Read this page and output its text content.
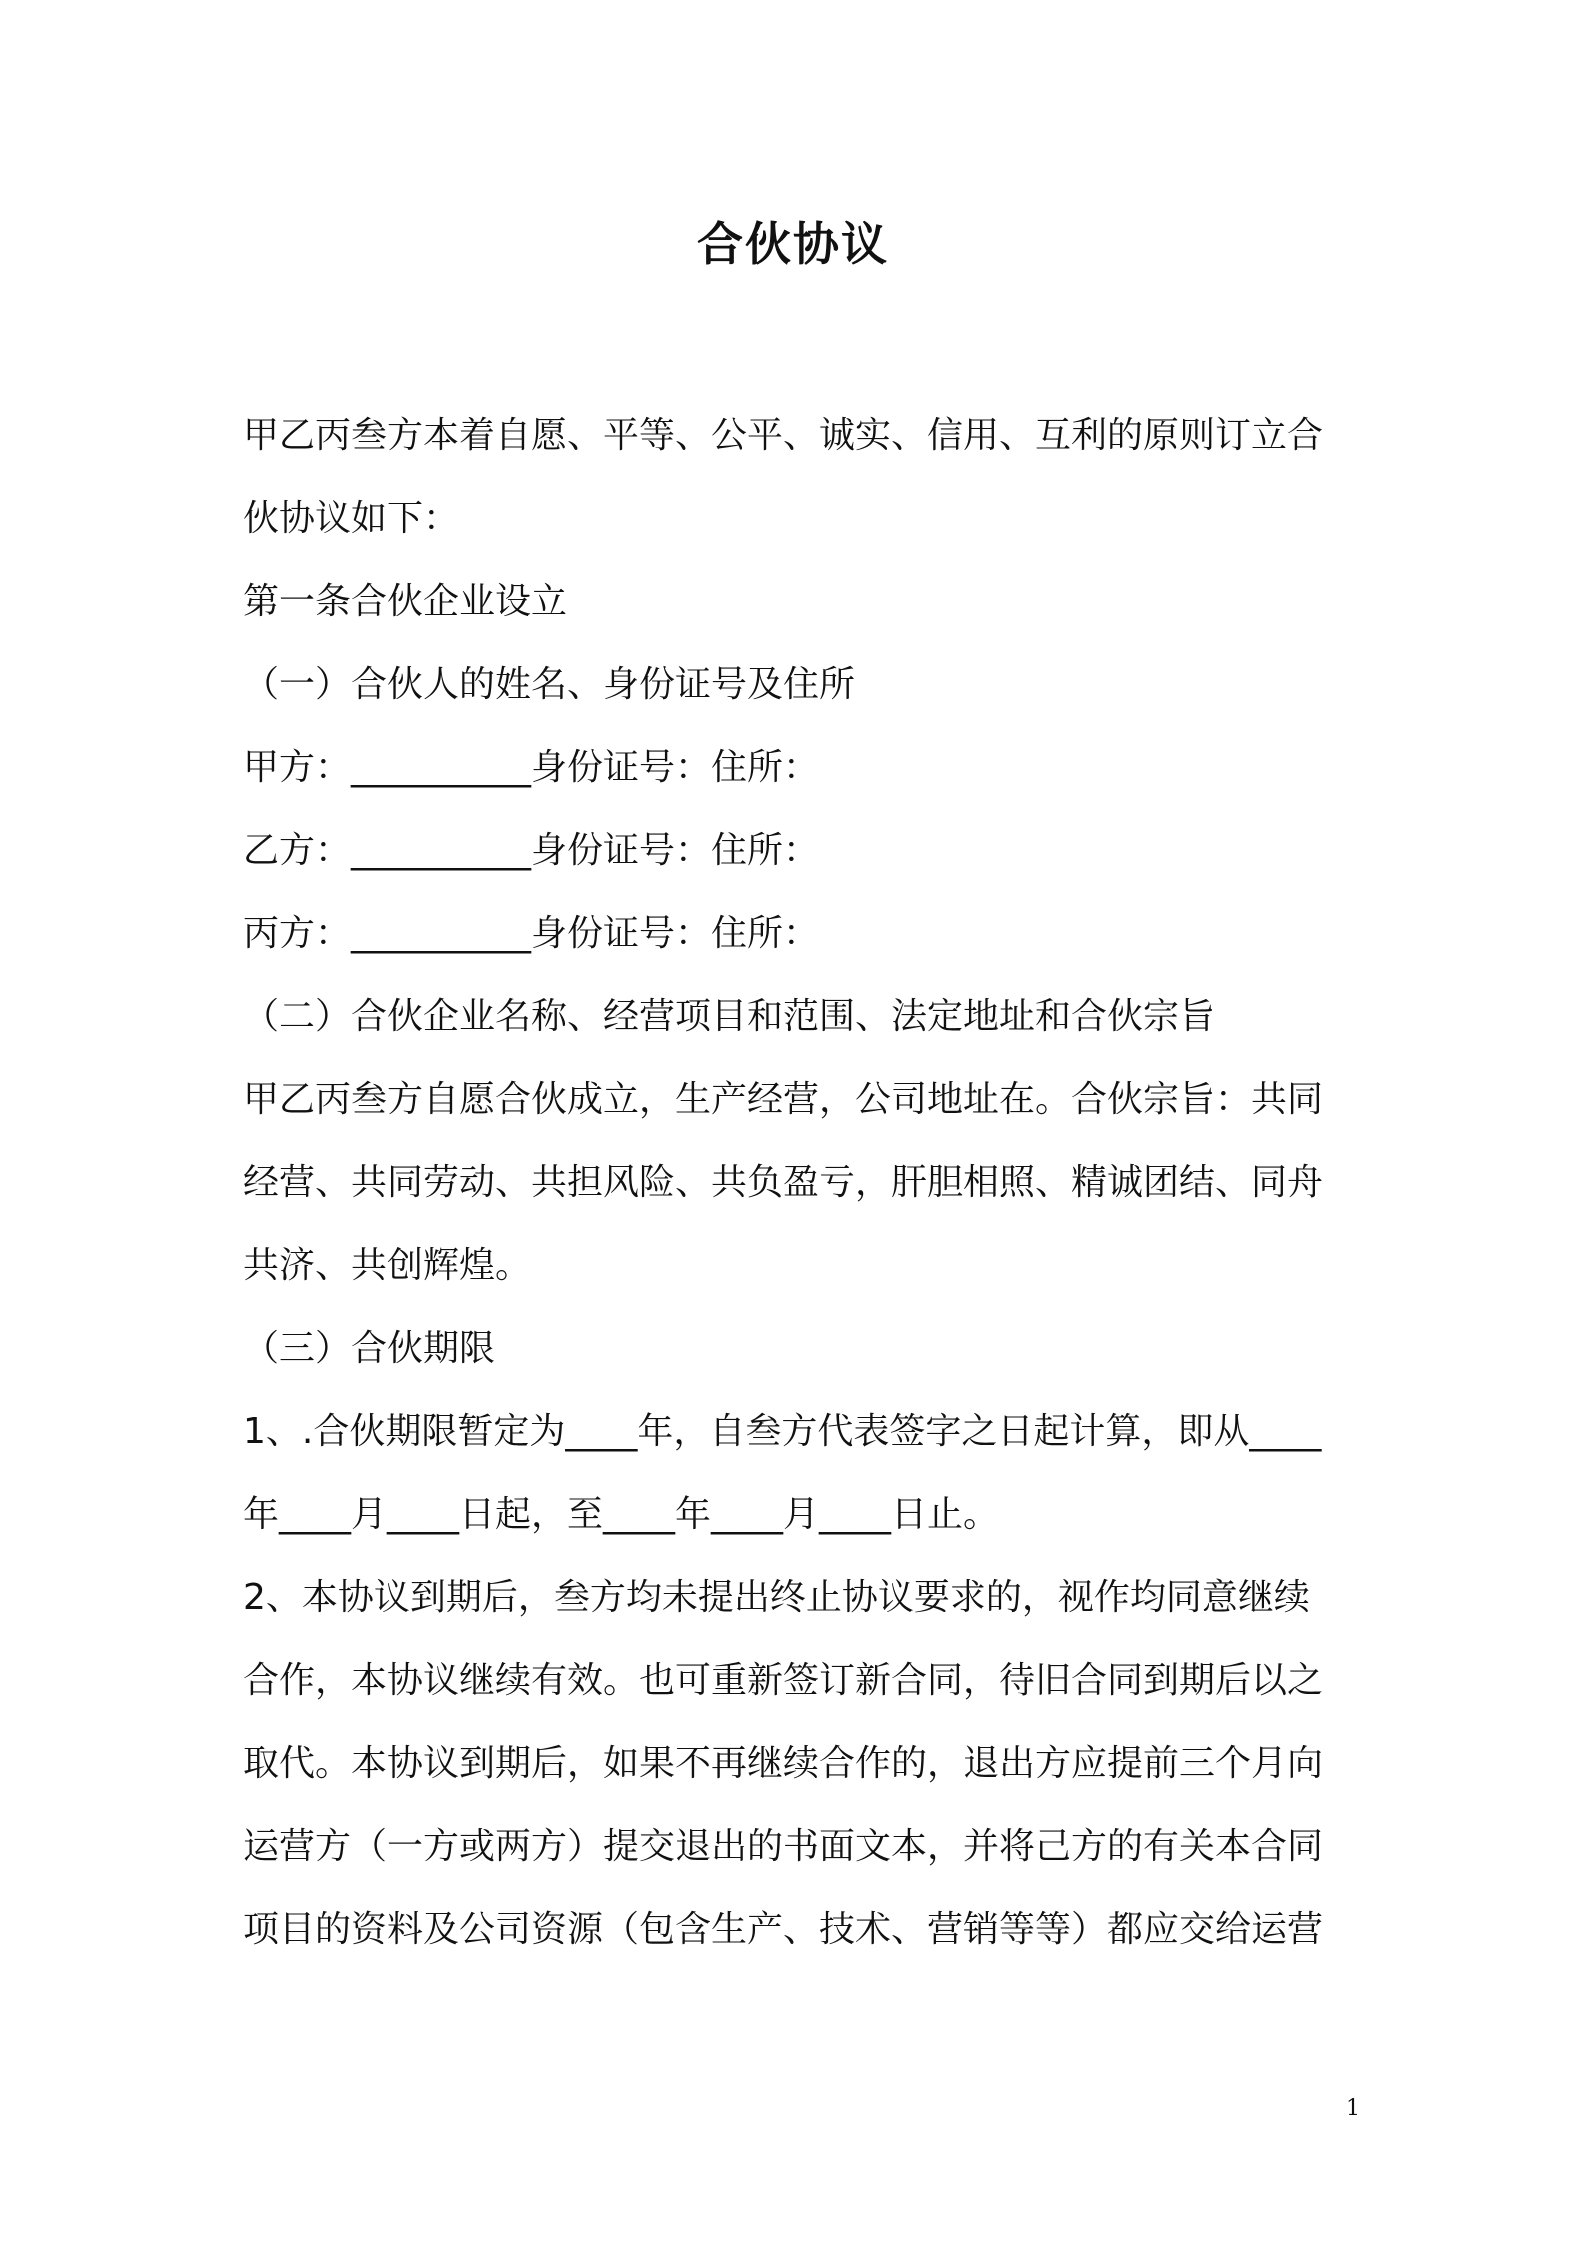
合伙协议

甲乙丙叁方本着自愿、平等、公平、诚实、信用、互利的原则订立合

伙协议如下：

第一条合伙企业设立

（一）合伙人的姓名、身份证号及住所

甲方：__________身份证号：住所：

乙方：__________身份证号：住所：

丙方：__________身份证号：住所：

（二）合伙企业名称、经营项目和范围、法定地址和合伙宗旨

甲乙丙叁方自愿合伙成立，生产经营，公司地址在。合伙宗旨：共同

经营、共同劳动、共担风险、共负盈亏，肝胆相照、精诚团结、同舟

共济、共创辉煌。

（三）合伙期限

1、.合伙期限暂定为____年，自叁方代表签字之日起计算，即从____

年____月____日起，至____年____月____日止。

2、本协议到期后，叁方均未提出终止协议要求的，视作均同意继续

合作，本协议继续有效。也可重新签订新合同，待旧合同到期后以之

取代。本协议到期后，如果不再继续合作的，退出方应提前三个月向

运营方（一方或两方）提交退出的书面文本，并将己方的有关本合同

项目的资料及公司资源（包含生产、技术、营销等等）都应交给运营

1
